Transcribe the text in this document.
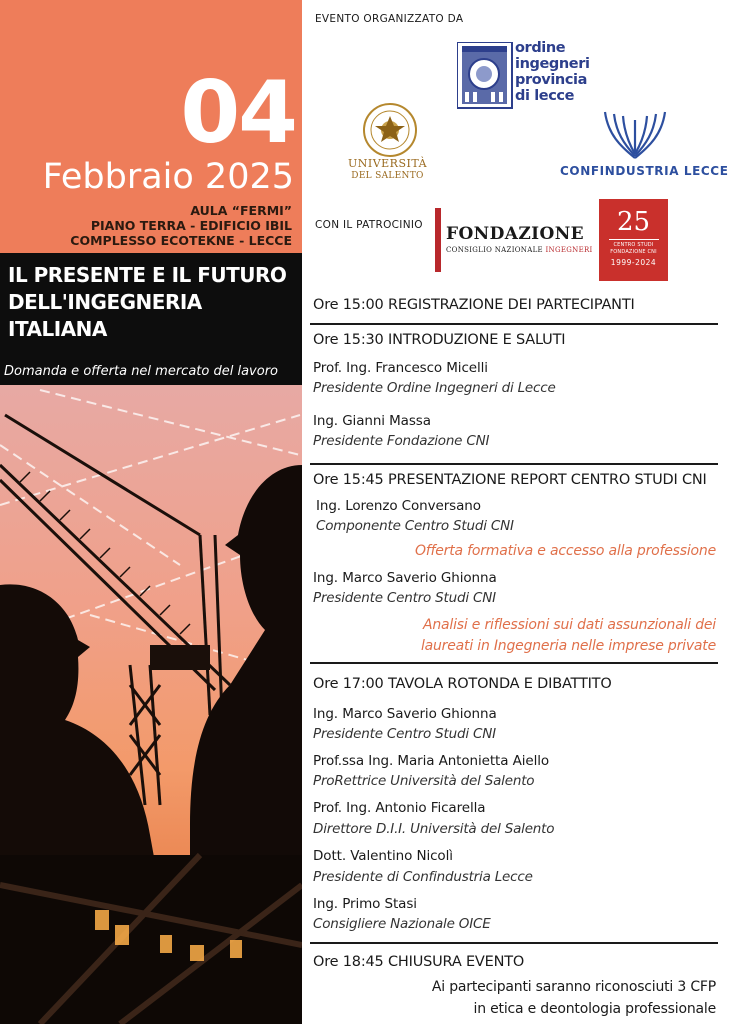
04
Febbraio 2025
AULA “FERMI”
PIANO TERRA - EDIFICIO IBIL
COMPLESSO ECOTEKNE - LECCE
IL PRESENTE E IL FUTURO
DELL'INGEGNERIA ITALIANA
Domanda e offerta nel mercato del lavoro
EVENTO ORGANIZZATO DA
ordine
ingegneri
provincia
di lecce
UNIVERSITÀ
DEL SALENTO	CONFINDUSTRIA LECCE
CON IL PATROCINIO FONDAZIONE
CONSIGLIO NAZIONALE INGEGNERI
25
CENTRO STUDI
FONDAZIONE CNI
1999-2024
Ore 15:00 REGISTRAZIONE DEI PARTECIPANTI
Ore 15:30 INTRODUZIONE E SALUTI
Prof. Ing. Francesco Micelli
Presidente Ordine Ingegneri di Lecce
Ing. Gianni Massa
Presidente Fondazione CNI
Ore 15:45 PRESENTAZIONE REPORT CENTRO STUDI CNI
Ing. Lorenzo Conversano
Componente Centro Studi CNI
Offerta formativa e accesso alla professione
Ing. Marco Saverio Ghionna
Presidente Centro Studi CNI
Analisi e riflessioni sui dati assunzionali dei
laureati in Ingegneria nelle imprese private
Ore 17:00 TAVOLA ROTONDA E DIBATTITO
Ing. Marco Saverio Ghionna
Presidente Centro Studi CNI
Prof.ssa Ing. Maria Antonietta Aiello
ProRettrice Università del Salento
Prof. Ing. Antonio Ficarella
Direttore D.I.I. Università del Salento
Dott. Valentino Nicolì
Presidente di Confindustria Lecce
Ing. Primo Stasi
Consigliere Nazionale OICE
Ore 18:45 CHIUSURA EVENTO
Ai partecipanti saranno riconosciuti 3 CFP
in etica e deontologia professionale
